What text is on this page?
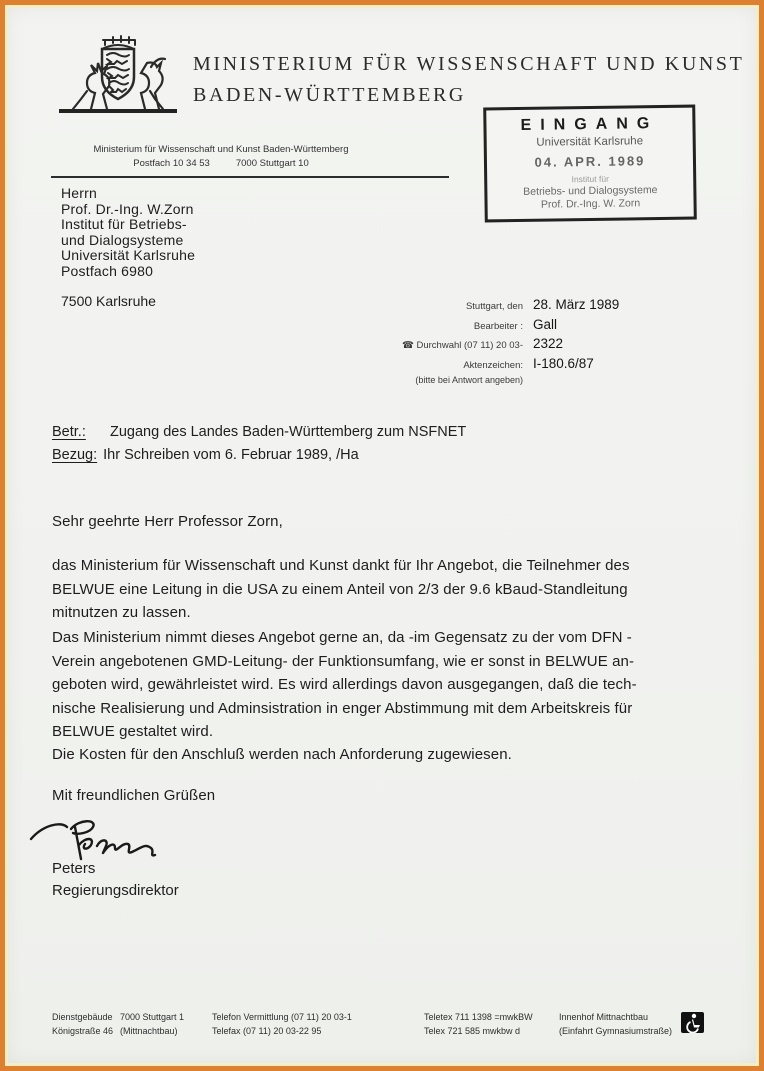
MINISTERIUM FÜR WISSENSCHAFT UND KUNST
BADEN-WÜRTTEMBERG
EINGANG
Universität Karlsruhe
04. APR. 1989
Institut für
Betriebs- und Dialogsysteme
Prof. Dr.-Ing. W. Zorn
Ministerium für Wissenschaft und Kunst Baden-Württemberg
Postfach 10 34 53	7000 Stuttgart 10
Herrn
Prof. Dr.-Ing. W.Zorn
Institut für Betriebs-
und Dialogsysteme
Universität Karlsruhe
Postfach 6980
7500 Karlsruhe	Stuttgart, den 28. März 1989
Bearbeiter : Gall
☎ Durchwahl (07 11) 20 03- 2322
Aktenzeichen: I-180.6/87
(bitte bei Antwort angeben)
Betr.:	Zugang des Landes Baden-Württemberg zum NSFNET
Bezug: Ihr Schreiben vom 6. Februar 1989, /Ha
Sehr geehrte Herr Professor Zorn,
das Ministerium für Wissenschaft und Kunst dankt für Ihr Angebot, die Teilnehmer des
BELWUE eine Leitung in die USA zu einem Anteil von 2/3 der 9.6 kBaud-Standleitung
mitnutzen zu lassen.
Das Ministerium nimmt dieses Angebot gerne an, da -im Gegensatz zu der vom DFN -
Verein angebotenen GMD-Leitung- der Funktionsumfang, wie er sonst in BELWUE an-
geboten wird, gewährleistet wird. Es wird allerdings davon ausgegangen, daß die tech-
nische Realisierung und Adminsistration in enger Abstimmung mit dem Arbeitskreis für
BELWUE gestaltet wird.
Die Kosten für den Anschluß werden nach Anforderung zugewiesen.
Mit freundlichen Grüßen
Peters
Regierungsdirektor
Dienstgebäude
Königstraße 46
7000 Stuttgart 1
(Mittnachtbau)
Telefon Vermittlung (07 11) 20 03-1
Telefax (07 11) 20 03-22 95
Teletex 711 1398 =mwkBW
Telex 721 585 mwkbw d
Innenhof Mittnachtbau
(Einfahrt Gymnasiumstraße)
